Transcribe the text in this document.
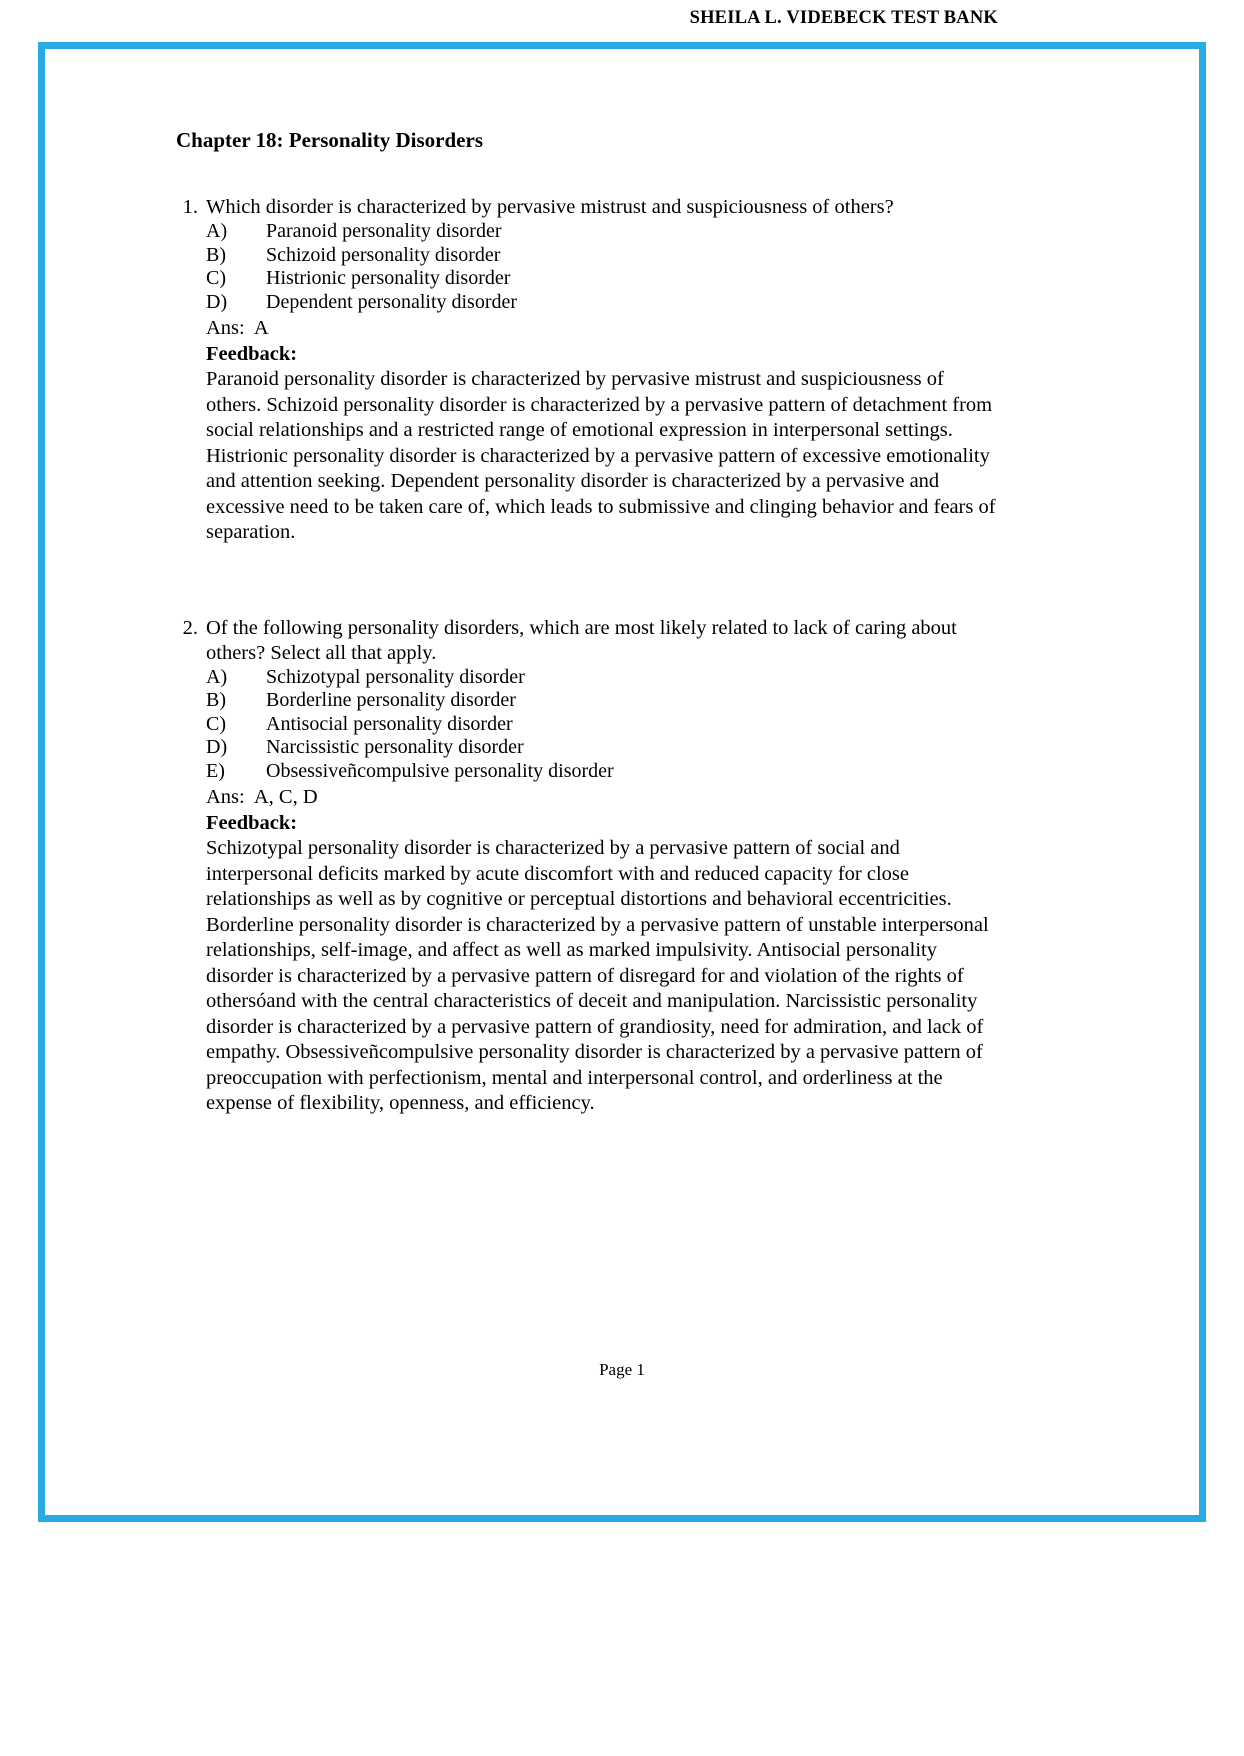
SHEILA L. VIDEBECK TEST BANK
Chapter 18: Personality Disorders
1. Which disorder is characterized by pervasive mistrust and suspiciousness of others?

A)	Paranoid personality disorder
B)	Schizoid personality disorder
C)	Histrionic personality disorder
D)	Dependent personality disorder
Ans:  A
Feedback:

Paranoid personality disorder is characterized by pervasive mistrust and suspiciousness of others. Schizoid personality disorder is characterized by a pervasive pattern of detachment from social relationships and a restricted range of emotional expression in interpersonal settings. Histrionic personality disorder is characterized by a pervasive pattern of excessive emotionality and attention seeking. Dependent personality disorder is characterized by a pervasive and excessive need to be taken care of, which leads to submissive and clinging behavior and fears of separation.

2. Of the following personality disorders, which are most likely related to lack of caring about others? Select all that apply.

A)	Schizotypal personality disorder
B)	Borderline personality disorder
C)	Antisocial personality disorder
D)	Narcissistic personality disorder
E)	Obsessiveñcompulsive personality disorder
Ans:  A, C, D
Feedback:

Schizotypal personality disorder is characterized by a pervasive pattern of social and interpersonal deficits marked by acute discomfort with and reduced capacity for close relationships as well as by cognitive or perceptual distortions and behavioral eccentricities. Borderline personality disorder is characterized by a pervasive pattern of unstable interpersonal relationships, self-image, and affect as well as marked impulsivity. Antisocial personality disorder is characterized by a pervasive pattern of disregard for and violation of the rights of othersóand with the central characteristics of deceit and manipulation. Narcissistic personality disorder is characterized by a pervasive pattern of grandiosity, need for admiration, and lack of empathy. Obsessiveñcompulsive personality disorder is characterized by a pervasive pattern of preoccupation with perfectionism, mental and interpersonal control, and orderliness at the expense of flexibility, openness, and efficiency.

Page 1
